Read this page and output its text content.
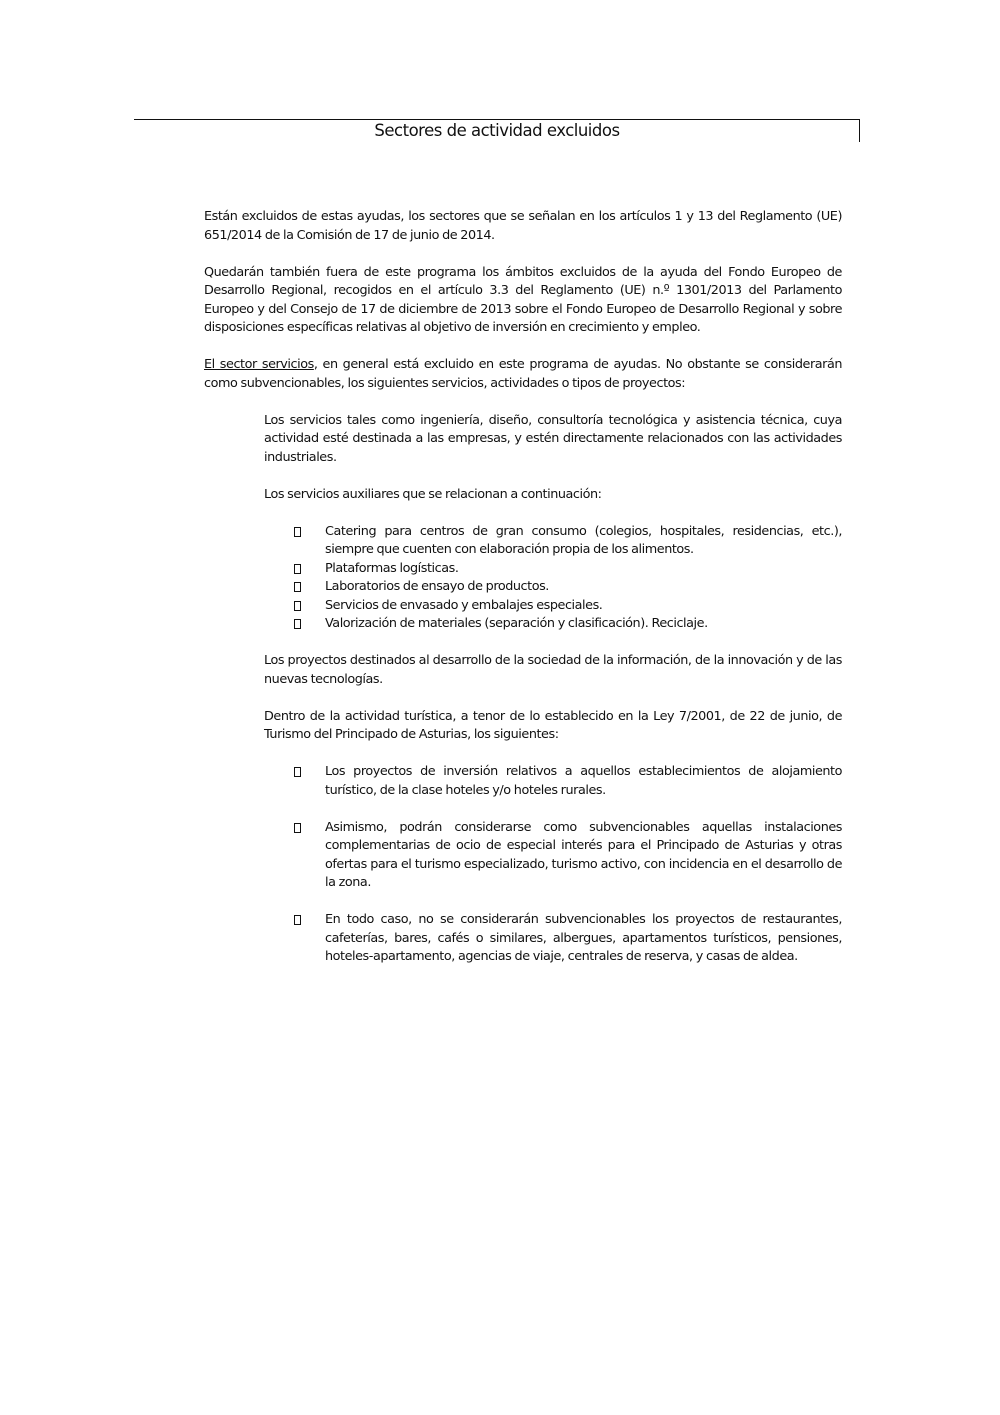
Sectores de actividad excluidos

Están excluidos de estas ayudas, los sectores que se señalan en los artículos 1 y 13 del Reglamento (UE) 651/2014 de la Comisión de 17 de junio de 2014.

Quedarán también fuera de este programa los ámbitos excluidos de la ayuda del Fondo Europeo de Desarrollo Regional, recogidos en el artículo 3.3 del Reglamento (UE) n.º 1301/2013 del Parlamento Europeo y del Consejo de 17 de diciembre de 2013 sobre el Fondo Europeo de Desarrollo Regional y sobre disposiciones específicas relativas al objetivo de inversión en crecimiento y empleo.

El sector servicios, en general está excluido en este programa de ayudas. No obstante se considerarán como subvencionables, los siguientes servicios, actividades o tipos de proyectos:

Los servicios tales como ingeniería, diseño, consultoría tecnológica y asistencia técnica, cuya actividad esté destinada a las empresas, y estén directamente relacionados con las actividades industriales.

Los servicios auxiliares que se relacionan a continuación:

Catering para centros de gran consumo (colegios, hospitales, residencias, etc.), siempre que cuenten con elaboración propia de los alimentos.
Plataformas logísticas.
Laboratorios de ensayo de productos.
Servicios de envasado y embalajes especiales.
Valorización de materiales (separación y clasificación). Reciclaje.

Los proyectos destinados al desarrollo de la sociedad de la información, de la innovación y de las nuevas tecnologías.

Dentro de la actividad turística, a tenor de lo establecido en la Ley 7/2001, de 22 de junio, de Turismo del Principado de Asturias, los siguientes:

Los proyectos de inversión relativos a aquellos establecimientos de alojamiento turístico, de la clase hoteles y/o hoteles rurales.
Asimismo, podrán considerarse como subvencionables aquellas instalaciones complementarias de ocio de especial interés para el Principado de Asturias y otras ofertas para el turismo especializado, turismo activo, con incidencia en el desarrollo de la zona.
En todo caso, no se considerarán subvencionables los proyectos de restaurantes, cafeterías, bares, cafés o similares, albergues, apartamentos turísticos, pensiones, hoteles-apartamento, agencias de viaje, centrales de reserva, y casas de aldea.
